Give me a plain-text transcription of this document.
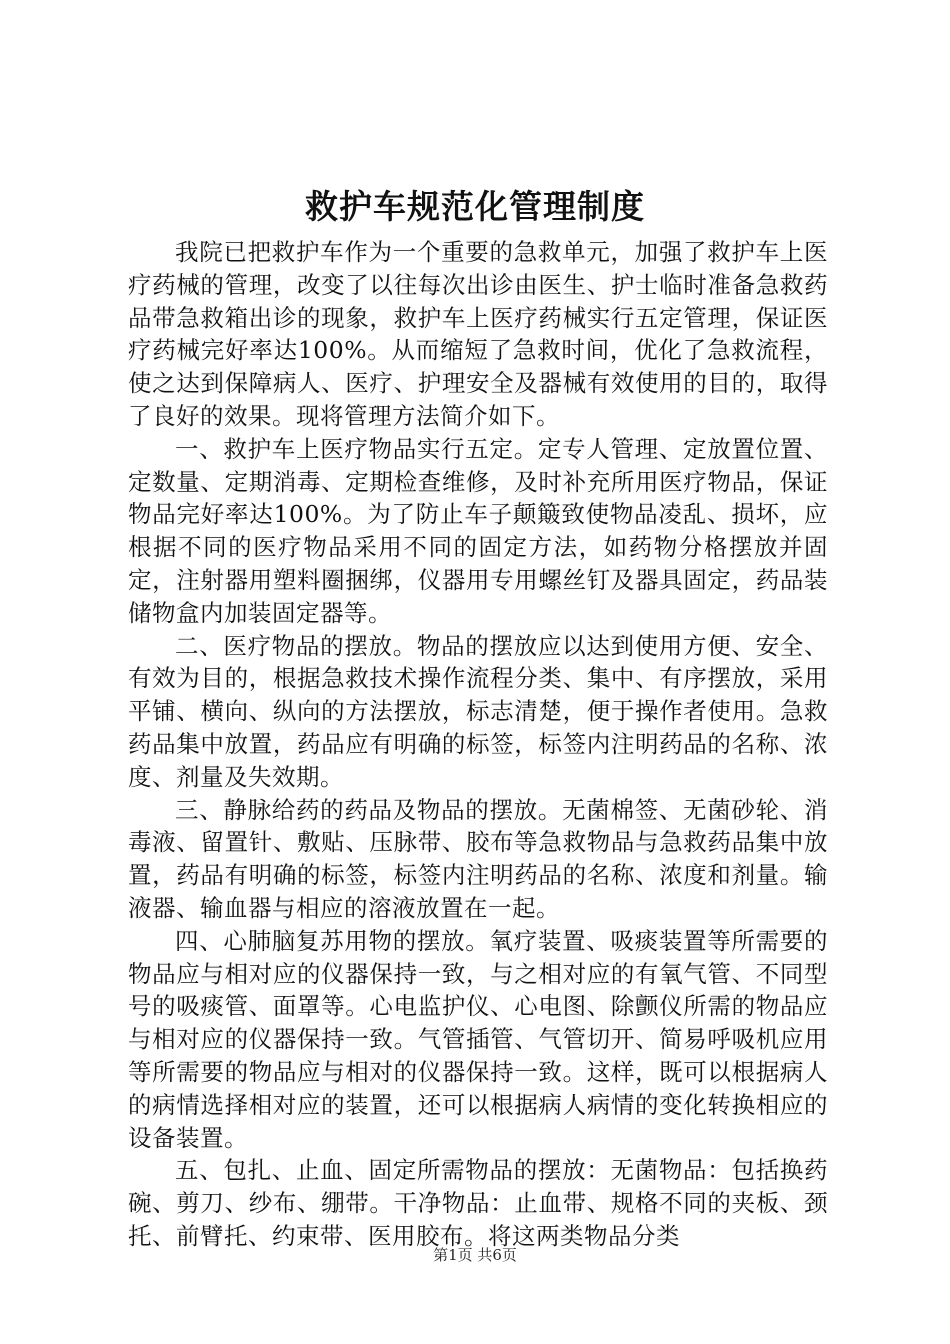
救护车规范化管理制度

我院已把救护车作为一个重要的急救单元，加强了救护车上医疗药械的管理，改变了以往每次出诊由医生、护士临时准备急救药品带急救箱出诊的现象，救护车上医疗药械实行五定管理，保证医疗药械完好率达100%。从而缩短了急救时间，优化了急救流程，使之达到保障病人、医疗、护理安全及器械有效使用的目的，取得了良好的效果。现将管理方法简介如下。

一、救护车上医疗物品实行五定。定专人管理、定放置位置、定数量、定期消毒、定期检查维修，及时补充所用医疗物品，保证物品完好率达100%。为了防止车子颠簸致使物品凌乱、损坏，应根据不同的医疗物品采用不同的固定方法，如药物分格摆放并固定，注射器用塑料圈捆绑，仪器用专用螺丝钉及器具固定，药品装储物盒内加装固定器等。

二、医疗物品的摆放。物品的摆放应以达到使用方便、安全、有效为目的，根据急救技术操作流程分类、集中、有序摆放，采用平铺、横向、纵向的方法摆放，标志清楚，便于操作者使用。急救药品集中放置，药品应有明确的标签，标签内注明药品的名称、浓度、剂量及失效期。

三、静脉给药的药品及物品的摆放。无菌棉签、无菌砂轮、消毒液、留置针、敷贴、压脉带、胶布等急救物品与急救药品集中放置，药品有明确的标签，标签内注明药品的名称、浓度和剂量。输液器、输血器与相应的溶液放置在一起。

四、心肺脑复苏用物的摆放。氧疗装置、吸痰装置等所需要的物品应与相对应的仪器保持一致，与之相对应的有氧气管、不同型号的吸痰管、面罩等。心电监护仪、心电图、除颤仪所需的物品应与相对应的仪器保持一致。气管插管、气管切开、简易呼吸机应用等所需要的物品应与相对的仪器保持一致。这样，既可以根据病人的病情选择相对应的装置，还可以根据病人病情的变化转换相应的设备装置。

五、包扎、止血、固定所需物品的摆放：无菌物品：包括换药碗、剪刀、纱布、绷带。干净物品：止血带、规格不同的夹板、颈托、前臂托、约束带、医用胶布。将这两类物品分类

第1页 共6页
